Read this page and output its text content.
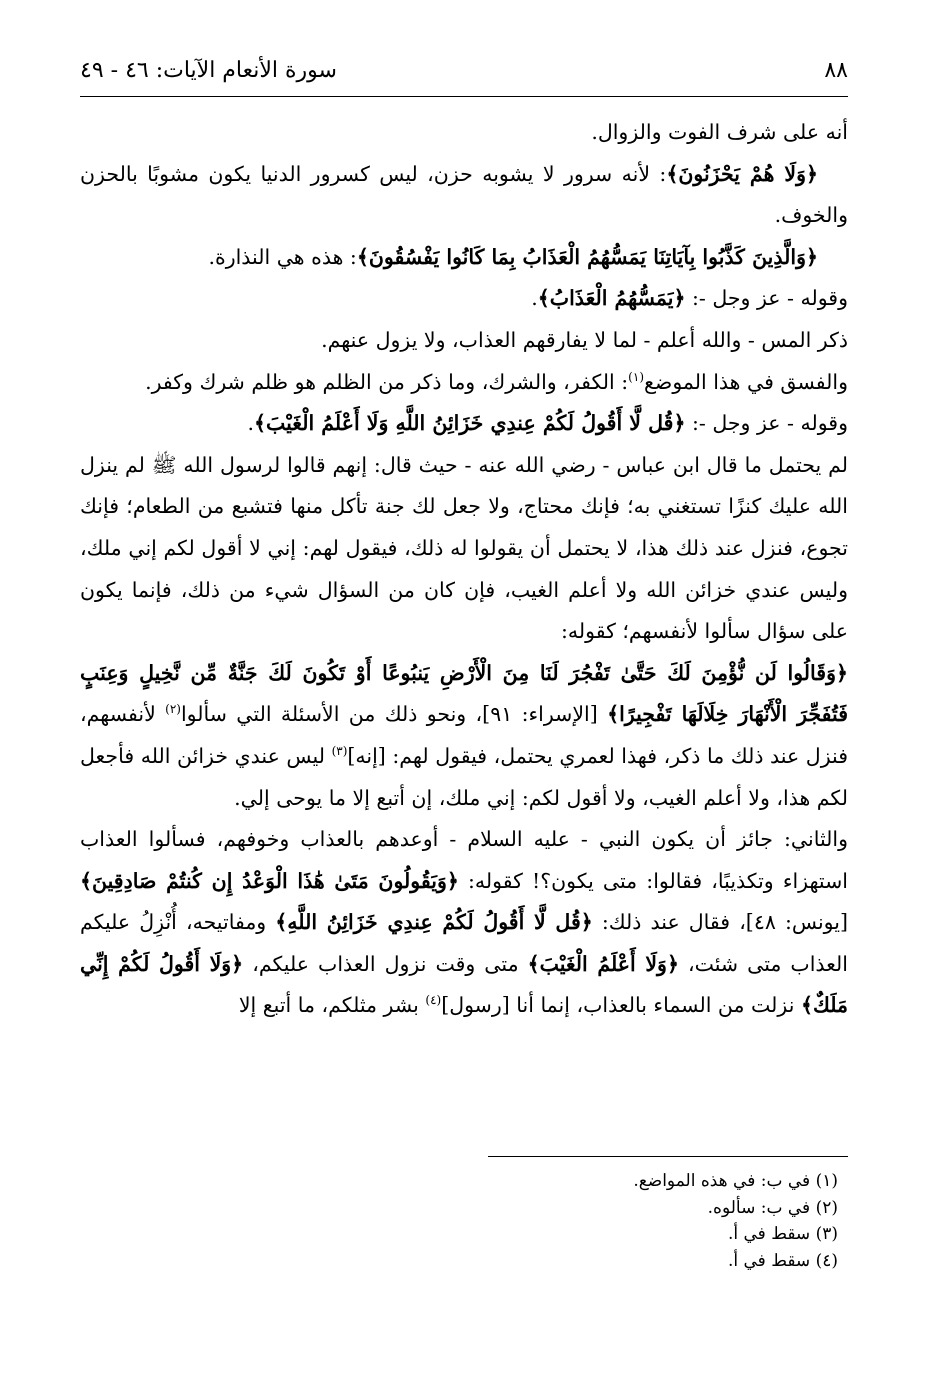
٨٨
سورة الأنعام الآيات: ٤٦ - ٤٩

أنه على شرف الفوت والزوال.

﴿وَلَا هُمْ يَحْزَنُونَ﴾: لأنه سرور لا يشوبه حزن، ليس كسرور الدنيا يكون مشوبًا بالحزن والخوف.

﴿وَالَّذِينَ كَذَّبُوا بِآيَاتِنَا يَمَسُّهُمُ الْعَذَابُ بِمَا كَانُوا يَفْسُقُونَ﴾: هذه هي النذارة.

وقوله - عز وجل -: ﴿يَمَسُّهُمُ الْعَذَابُ﴾.

ذكر المس - والله أعلم - لما لا يفارقهم العذاب، ولا يزول عنهم.

والفسق في هذا الموضع$^{(١)}$: الكفر، والشرك، وما ذكر من الظلم هو ظلم شرك وكفر.

وقوله - عز وجل -: ﴿قُل لَّا أَقُولُ لَكُمْ عِندِي خَزَائِنُ اللَّهِ وَلَا أَعْلَمُ الْغَيْبَ﴾.

لم يحتمل ما قال ابن عباس - رضي الله عنه - حيث قال: إنهم قالوا لرسول الله ﷺ لم ينزل الله عليك كنزًا تستغني به؛ فإنك محتاج، ولا جعل لك جنة تأكل منها فتشبع من الطعام؛ فإنك تجوع، فنزل عند ذلك هذا، لا يحتمل أن يقولوا له ذلك، فيقول لهم: إني لا أقول لكم إني ملك، وليس عندي خزائن الله ولا أعلم الغيب، فإن كان من السؤال شيء من ذلك، فإنما يكون على سؤال سألوا لأنفسهم؛ كقوله:

﴿وَقَالُوا لَن نُّؤْمِنَ لَكَ حَتَّىٰ تَفْجُرَ لَنَا مِنَ الْأَرْضِ يَنبُوعًا أَوْ تَكُونَ لَكَ جَنَّةٌ مِّن نَّخِيلٍ وَعِنَبٍ فَتُفَجِّرَ الْأَنْهَارَ خِلَالَهَا تَفْجِيرًا﴾ [الإسراء: ٩١]، ونحو ذلك من الأسئلة التي سألوا$^{(٢)}$ لأنفسهم، فنزل عند ذلك ما ذكر، فهذا لعمري يحتمل، فيقول لهم: [إنه]$^{(٣)}$ ليس عندي خزائن الله فأجعل لكم هذا، ولا أعلم الغيب، ولا أقول لكم: إني ملك، إن أتبع إلا ما يوحى إلي.

والثاني: جائز أن يكون النبي - عليه السلام - أوعدهم بالعذاب وخوفهم، فسألوا العذاب استهزاء وتكذيبًا، فقالوا: متى يكون؟! كقوله: ﴿وَيَقُولُونَ مَتَىٰ هَٰذَا الْوَعْدُ إِن كُنتُمْ صَادِقِينَ﴾ [يونس: ٤٨]، فقال عند ذلك: ﴿قُل لَّا أَقُولُ لَكُمْ عِندِي خَزَائِنُ اللَّهِ﴾ ومفاتيحه، أُنْزِلُ عليكم العذاب متى شئت، ﴿وَلَا أَعْلَمُ الْغَيْبَ﴾ متى وقت نزول العذاب عليكم، ﴿وَلَا أَقُولُ لَكُمْ إِنِّي مَلَكٌ﴾ نزلت من السماء بالعذاب، إنما أنا [رسول]$^{(٤)}$ بشر مثلكم، ما أتبع إلا

(١) في ب: في هذه المواضع.
(٢) في ب: سألوه.
(٣) سقط في أ.
(٤) سقط في أ.
